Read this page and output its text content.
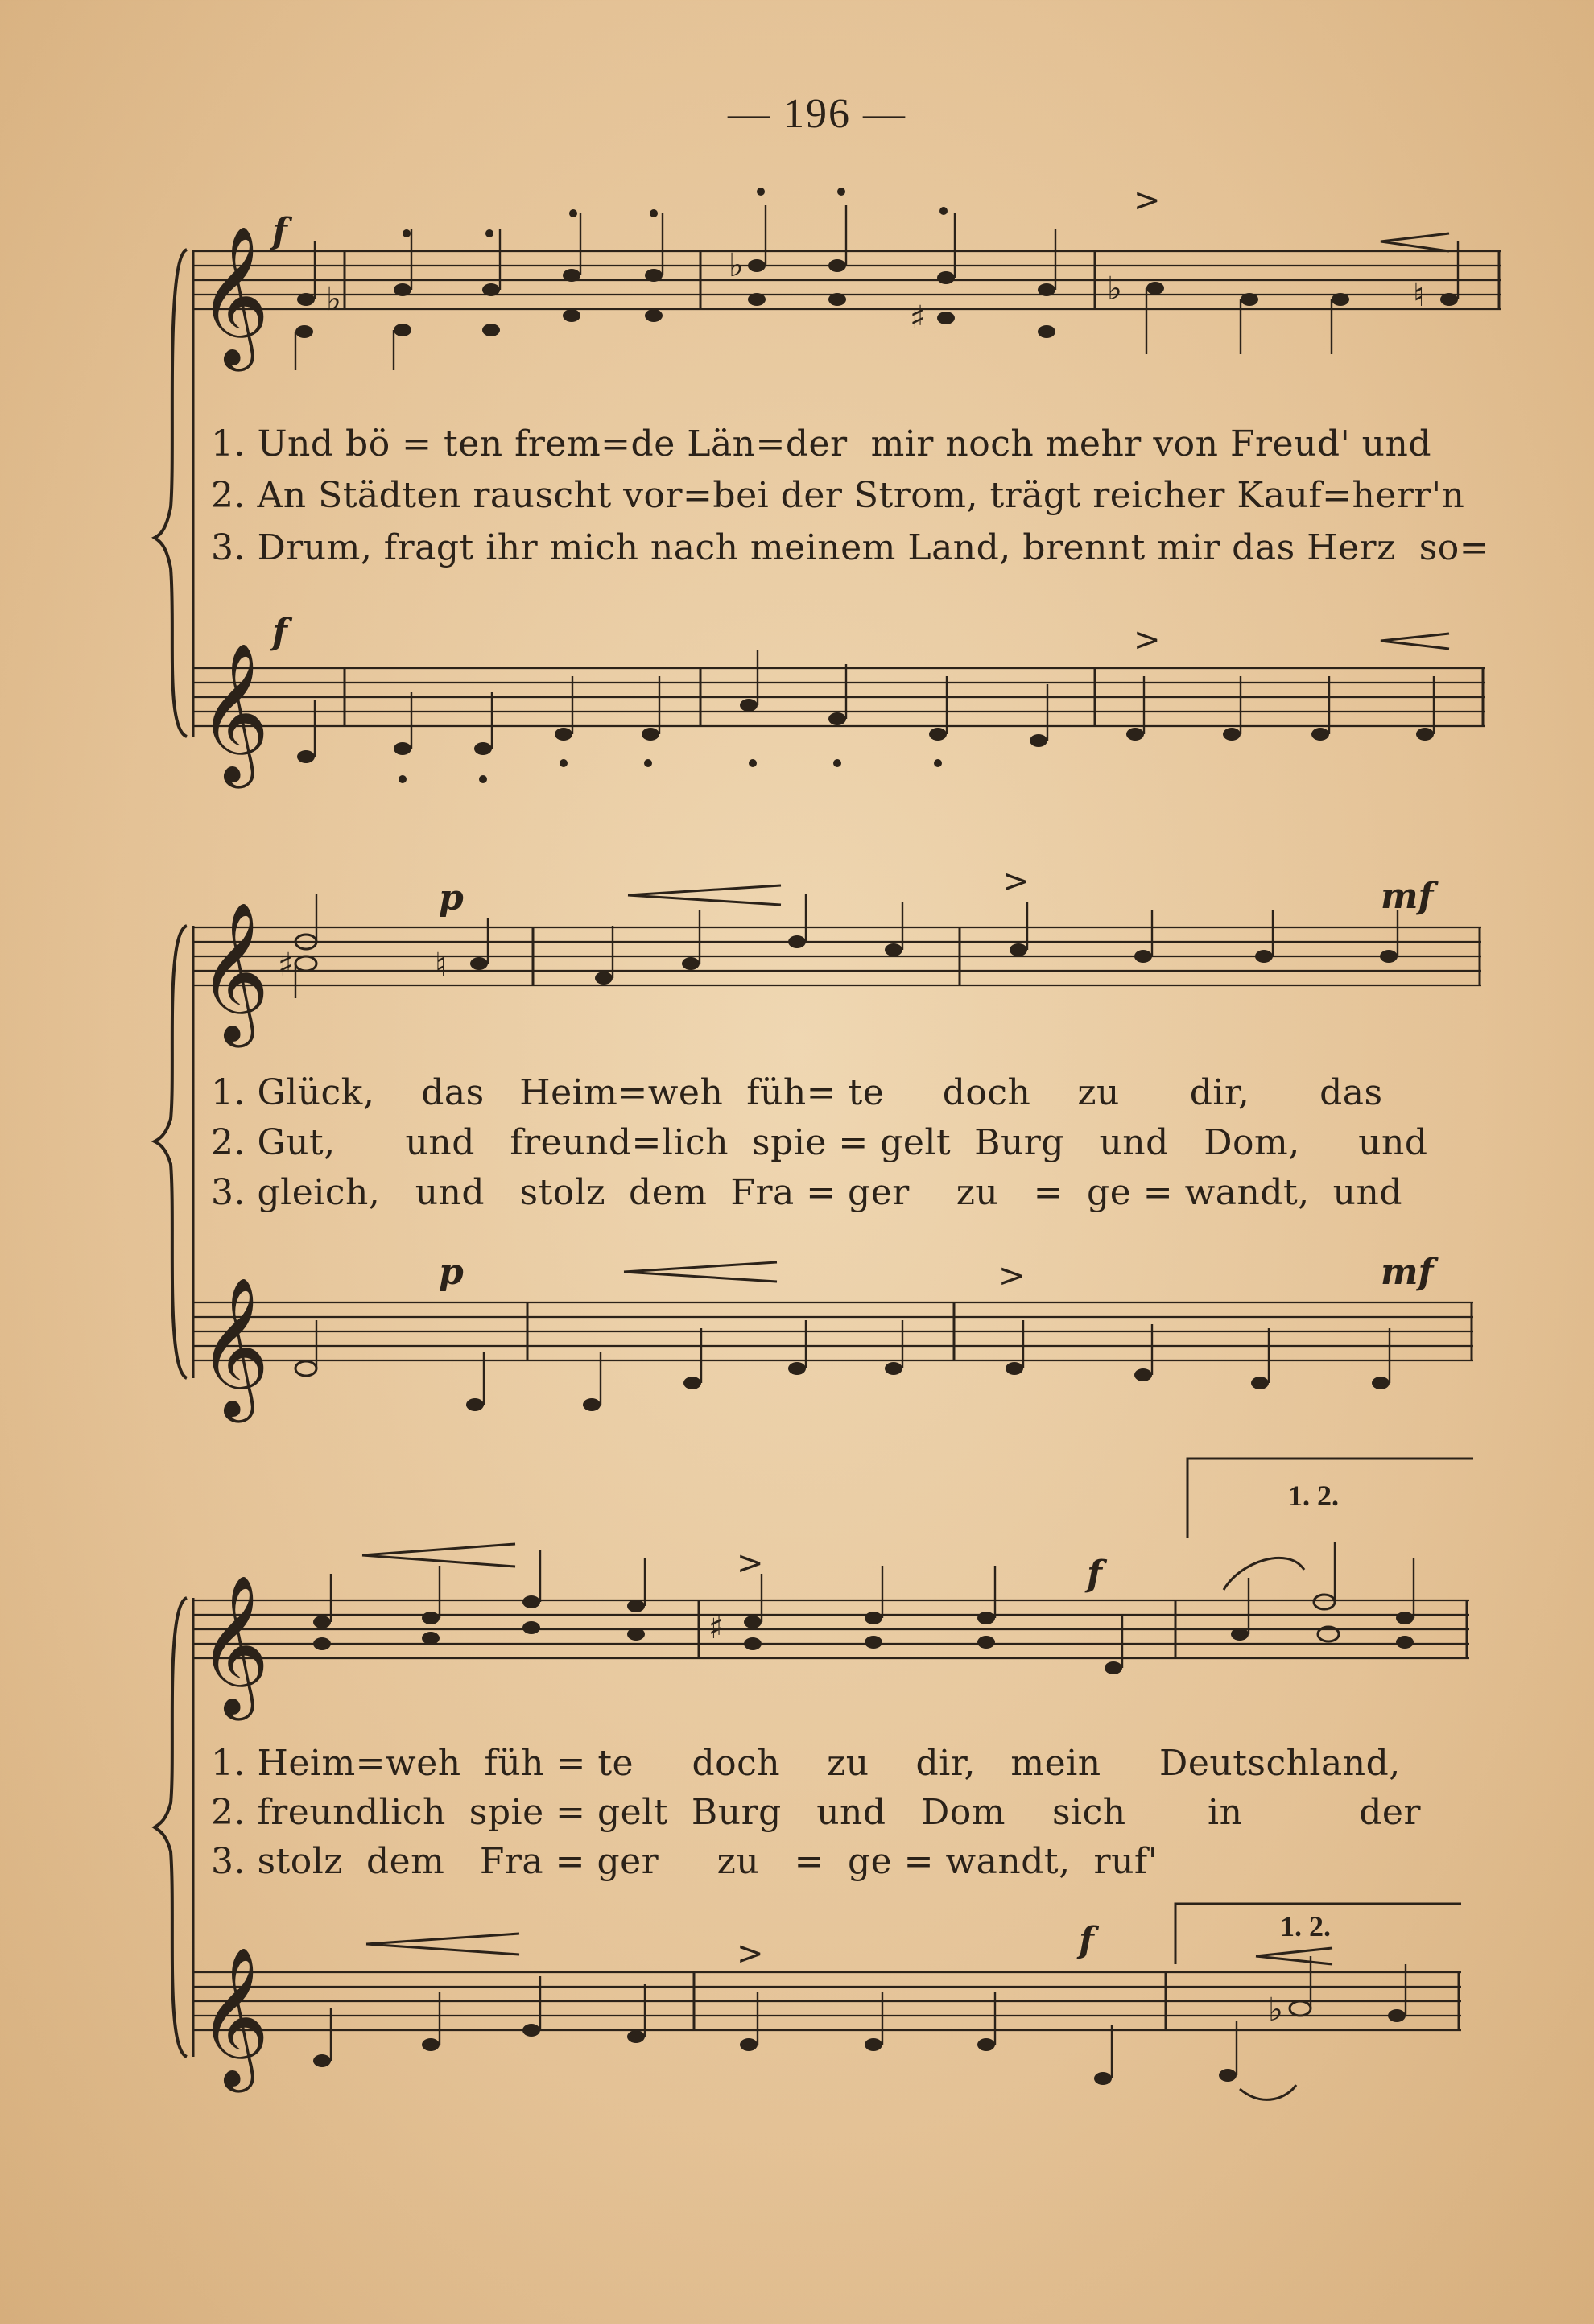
— 196 —
𝄞 ♭
♭
♯
♭	♮
>
f
𝄞
>
f
1. Und bö = ten frem=de Län=der  mir noch mehr von Freud' und
2. An Städten rauscht vor=bei der Strom, trägt reicher Kauf=herr'n
3. Drum, fragt ihr mich nach meinem Land, brennt mir das Herz  so=
𝄞 ♯	♮
>
p	mf
𝄞
>
p	mf
1. Glück,    das   Heim=weh  füh= te     doch    zu      dir,      das
2. Gut,      und   freund=lich  spie = gelt  Burg   und   Dom,     und
3. gleich,   und   stolz  dem  Fra = ger    zu   =  ge = wandt,  und
1. 2.
1. 2.
𝄞	♯
>	f
𝄞	♭
>	f
1. Heim=weh  füh = te     doch    zu    dir,   mein     Deutschland,
2. freundlich  spie = gelt  Burg   und   Dom    sich       in          der
3. stolz  dem   Fra = ger     zu   =  ge = wandt,  ruf'
